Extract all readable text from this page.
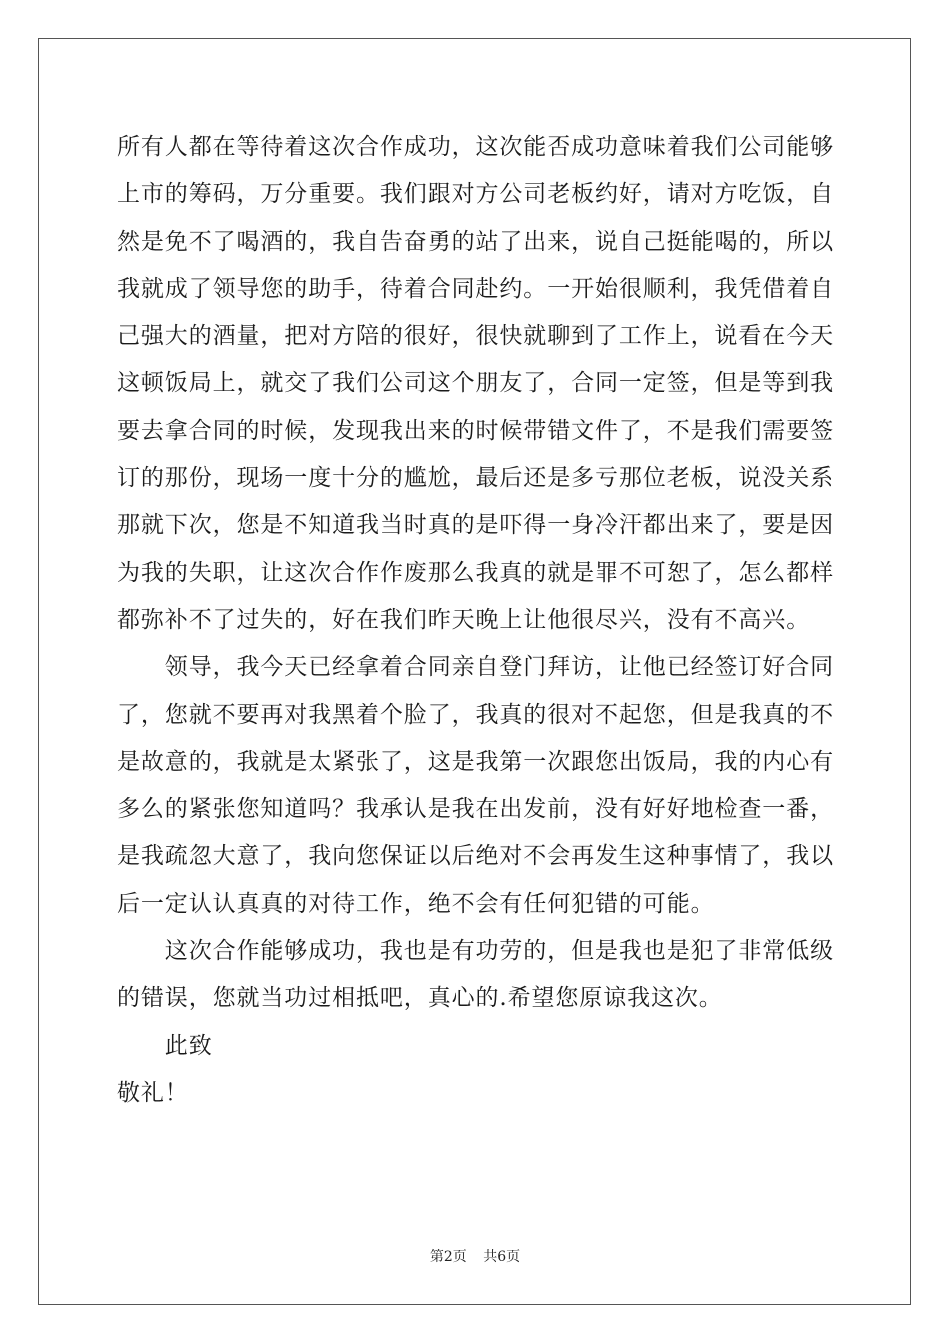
所有人都在等待着这次合作成功，这次能否成功意味着我们公司能够
上市的筹码，万分重要。我们跟对方公司老板约好，请对方吃饭，自
然是免不了喝酒的，我自告奋勇的站了出来，说自己挺能喝的，所以
我就成了领导您的助手，待着合同赴约。一开始很顺利，我凭借着自
己强大的酒量，把对方陪的很好，很快就聊到了工作上，说看在今天
这顿饭局上，就交了我们公司这个朋友了，合同一定签，但是等到我
要去拿合同的时候，发现我出来的时候带错文件了，不是我们需要签
订的那份，现场一度十分的尴尬，最后还是多亏那位老板，说没关系
那就下次，您是不知道我当时真的是吓得一身冷汗都出来了，要是因
为我的失职，让这次合作作废那么我真的就是罪不可恕了，怎么都样
都弥补不了过失的，好在我们昨天晚上让他很尽兴，没有不高兴。
　　领导，我今天已经拿着合同亲自登门拜访，让他已经签订好合同
了，您就不要再对我黑着个脸了，我真的很对不起您，但是我真的不
是故意的，我就是太紧张了，这是我第一次跟您出饭局，我的内心有
多么的紧张您知道吗？我承认是我在出发前，没有好好地检查一番，
是我疏忽大意了，我向您保证以后绝对不会再发生这种事情了，我以
后一定认认真真的对待工作，绝不会有任何犯错的可能。
　　这次合作能够成功，我也是有功劳的，但是我也是犯了非常低级
的错误，您就当功过相抵吧，真心的.希望您原谅我这次。
　　此致
敬礼！
第2页 共6页
